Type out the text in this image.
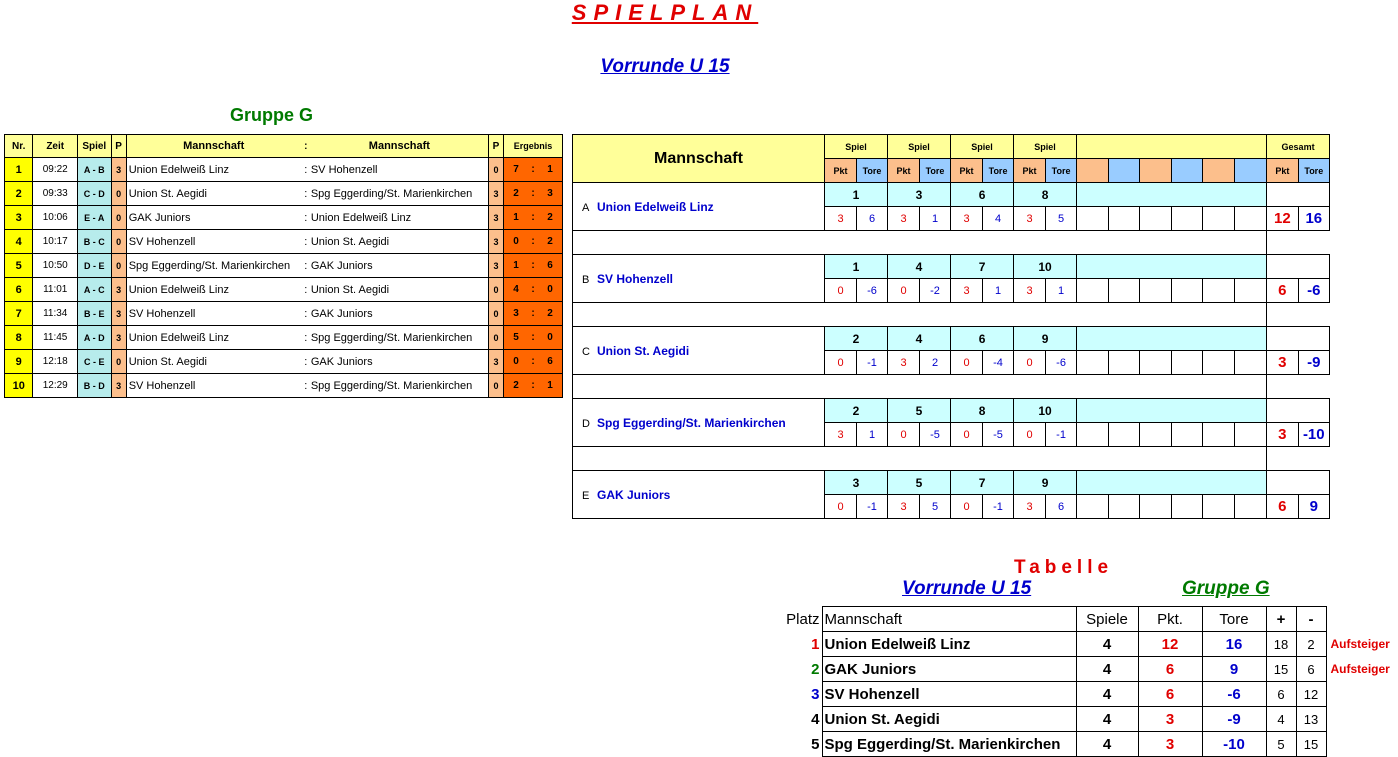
SPIELPLAN
Vorrunde U 15
Gruppe G
Nr.	Zeit	Spiel	P	Mannschaft	:	Mannschaft	P	Ergebnis		
1	09:22	A - B	3	Union Edelweiß Linz	:	SV Hohenzell	0	7	:	1
2	09:33	C - D	0	Union St. Aegidi	:	Spg Eggerding/St. Marienkirchen	3	2	:	3
3	10:06	E - A	0	GAK Juniors	:	Union Edelweiß Linz	3	1	:	2
4	10:17	B - C	0	SV Hohenzell	:	Union St. Aegidi	3	0	:	2
5	10:50	D - E	0	Spg Eggerding/St. Marienkirchen	:	GAK Juniors	3	1	:	6
6	11:01	A - C	3	Union Edelweiß Linz	:	Union St. Aegidi	0	4	:	0
7	11:34	B - E	3	SV Hohenzell	:	GAK Juniors	0	3	:	2
8	11:45	A - D	3	Union Edelweiß Linz	:	Spg Eggerding/St. Marienkirchen	0	5	:	0
9	12:18	C - E	0	Union St. Aegidi	:	GAK Juniors	3	0	:	6
10	12:29	B - D	3	SV Hohenzell	:	Spg Eggerding/St. Marienkirchen	0	2	:	1
Mannschaft	Spiel		Spiel		Spiel		Spiel								Gesamt	
	Pkt	Tore	Pkt	Tore	Pkt	Tore	Pkt	Tore							Pkt	Tore
A Union Edelweiß Linz	1		3		6		8									
	3	6	3	1	3	4	3	5							12	16

B SV Hohenzell	1		4		7		10									
	0	-6	0	-2	3	1	3	1							6	-6

C Union St. Aegidi	2		4		6		9									
	0	-1	3	2	0	-4	0	-6							3	-9

D Spg Eggerding/St. Marienkirchen	2		5		8		10									
	3	1	0	-5	0	-5	0	-1							3	-10

E GAK Juniors	3		5		7		9									
	0	-1	3	5	0	-1	3	6							6	9
Tabelle
Vorrunde U 15	Gruppe G
Platz	Mannschaft	Spiele	Pkt.	Tore	+	-	
1	Union Edelweiß Linz	4	12	16	18	2	Aufsteiger
2	GAK Juniors	4	6	9	15	6	Aufsteiger
3	SV Hohenzell	4	6	-6	6	12	
4	Union St. Aegidi	4	3	-9	4	13	
5	Spg Eggerding/St. Marienkirchen	4	3	-10	5	15	
